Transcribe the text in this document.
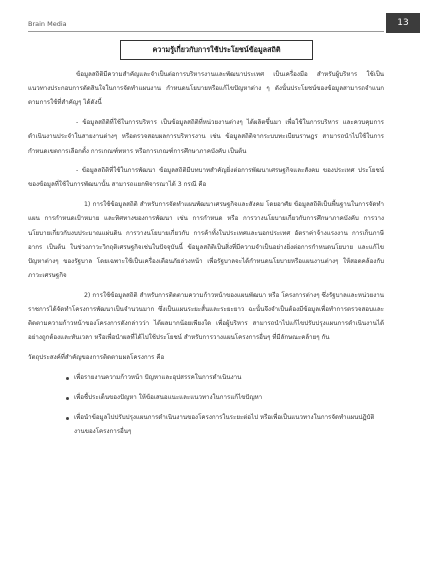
Brain Media	13
ความรู้เกี่ยวกับการใช้ประโยชน์ข้อมูลสถิติ

ข้อมูลสถิติมีความสำคัญและจำเป็นต่อการบริหารงานและพัฒนาประเทศ เป็นเครื่องมือ สำหรับผู้บริหาร ใช้เป็นแนวทางประกอบการตัดสินใจในการจัดทำแผนงาน กำหนดนโยบายหรือแก้ไขปัญหาต่าง ๆ ดังนั้นประโยชน์ของข้อมูลสามารถจำแนกตามการใช้ที่สำคัญๆ ได้ดังนี้

- ข้อมูลสถิติที่ใช้ในการบริหาร เป็นข้อมูลสถิติที่หน่วยงานต่างๆ ได้ผลิตขึ้นมา เพื่อใช้ในการบริหาร และควบคุมการดำเนินงานประจำในสายงานต่างๆ หรือตรวจสอบผลการบริหารงาน เช่น ข้อมูลสถิติจากระบบทะเบียนราษฎร สามารถนำไปใช้ในการกำหนดเขตการเลือกตั้ง การเกณฑ์ทหาร หรือการเกณฑ์การศึกษาภาคบังคับ เป็นต้น

- ข้อมูลสถิติที่ใช้ในการพัฒนา ข้อมูลสถิติมีบทบาทสำคัญยิ่งต่อการพัฒนาเศรษฐกิจและสังคม ของประเทศ ประโยชน์ของข้อมูลที่ใช้ในการพัฒนานั้น สามารถแยกพิจารณาได้ 3 กรณี คือ

1) การใช้ข้อมูลสถิติ สำหรับการจัดทำแผนพัฒนาเศรษฐกิจและสังคม โดยอาศัย ข้อมูลสถิติเป็นพื้นฐานในการจัดทำแผน การกำหนดเป้าหมาย และทิศทางของการพัฒนา เช่น การกำหนด หรือ การวางนโยบายเกี่ยวกับการศึกษาภาคบังคับ การวางนโยบายเกี่ยวกับงบประมาณแผ่นดิน การวางนโยบายเกี่ยวกับ การค้าทั้งในประเทศและนอกประเทศ อัตราค่าจ้างแรงงาน การเก็บภาษีอากร เป็นต้น ในช่วงภาวะวิกฤติเศรษฐกิจเช่นในปัจจุบันนี้ ข้อมูลสถิติเป็นสิ่งที่มีความจำเป็นอย่างยิ่งต่อการกำหนดนโยบาย และแก้ไขปัญหาต่างๆ ของรัฐบาล โดยเฉพาะใช้เป็นเครื่องเตือนภัยล่วงหน้า เพื่อรัฐบาลจะได้กำหนดนโยบายหรือแผนงานต่างๆ ให้สอดคล้องกับภาวะเศรษฐกิจ

2) การใช้ข้อมูลสถิติ สำหรับการติดตามความก้าวหน้าของแผนพัฒนา หรือ โครงการต่างๆ ซึ่งรัฐบาลและหน่วยงานราชการได้จัดทำโครงการพัฒนาเป็นจำนวนมาก ซึ่งเป็นแผนระยะสั้นและระยะยาว ฉะนั้นจึงจำเป็นต้องมีข้อมูลเพื่อทำการตรวจสอบและติดตามความก้าวหน้าของโครงการดังกล่าวว่า ได้ผลมากน้อยเพียงใด เพื่อผู้บริหาร สามารถนำไปแก้ไขปรับปรุงแผนการดำเนินงานได้อย่างถูกต้องและทันเวลา หรือเพื่อนำผลที่ได้ไปใช้ประโยชน์ สำหรับการวางแผนโครงการอื่นๆ ที่มีลักษณะคล้ายๆ กัน

วัตถุประสงค์ที่สำคัญของการติดตามผลโครงการ คือ

เพื่อรายงานความก้าวหน้า ปัญหาและอุปสรรคในการดำเนินงาน
เพื่อชี้ประเด็นของปัญหา ให้ข้อเสนอแนะและแนวทางในการแก้ไขปัญหา
เพื่อนำข้อมูลไปปรับปรุงแผนการดำเนินงานของโครงการในระยะต่อไป หรือเพื่อเป็นแนวทางในการจัดทำแผนปฏิบัติงานของโครงการอื่นๆ
